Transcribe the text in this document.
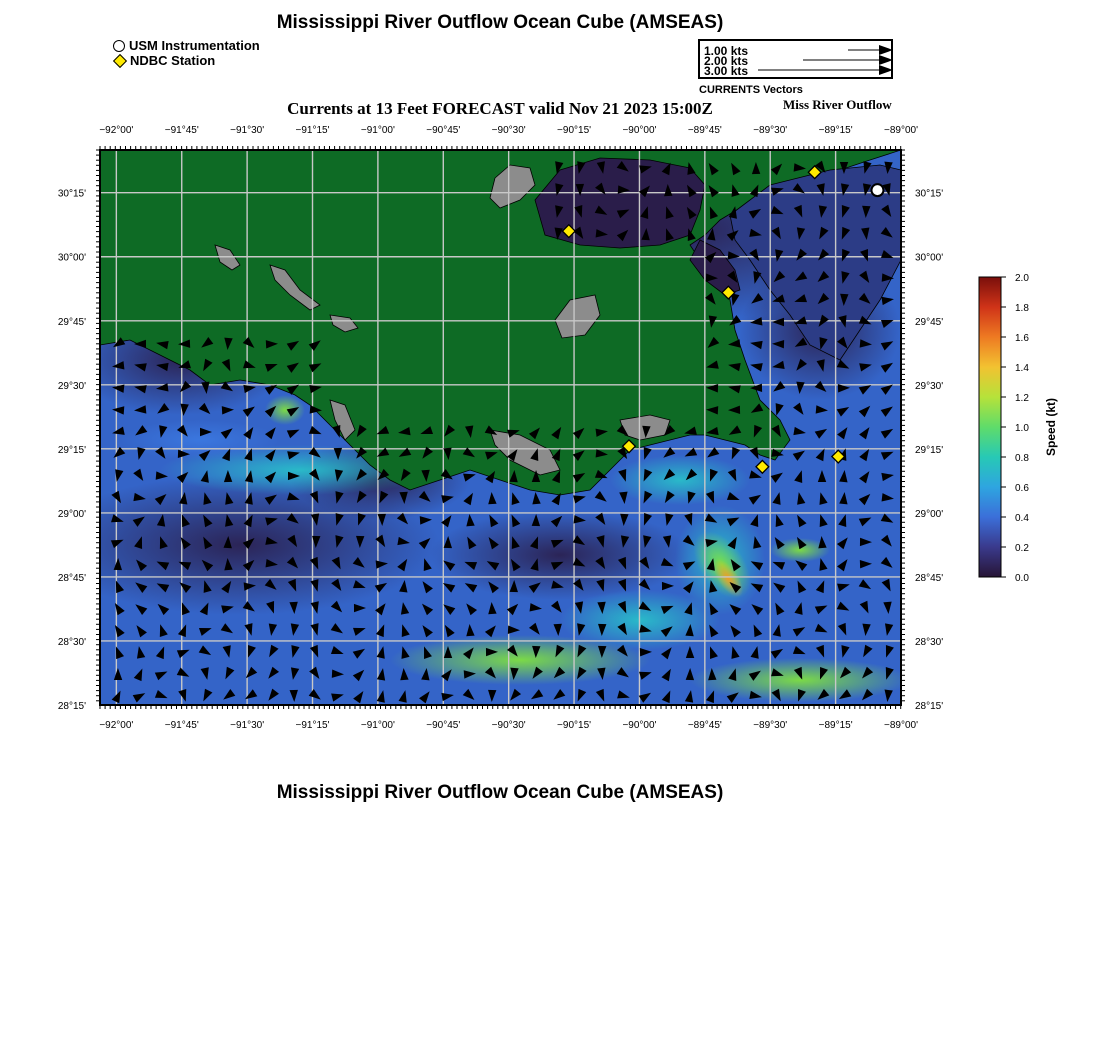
−92°00'	−91°45'	−91°30'	−91°15'	−91°00'	−90°45'	−90°30'	−90°15'	−90°00'	−89°45'	−89°30'	−89°15'	−89°00'
−92°00'	−91°45'	−91°30'	−91°15'	−91°00'	−90°45'	−90°30'	−90°15'	−90°00'	−89°45'	−89°30'	−89°15'	−89°00'
30°15'
30°00'
29°45'
29°30'
29°15'
29°00'
28°45'
28°30'
28°15'
30°15'
30°00'
29°45'
29°30'
29°15'
29°00'
28°45'
28°30'
28°15'
0.0
0.2
0.4
0.6
0.8
1.0
1.2
1.4
1.6
1.8
2.0
Speed (kt)
Mississippi River Outflow Ocean Cube (AMSEAS)
USM Instrumentation
NDBC Station
1.00 kts
2.00 kts
3.00 kts
CURRENTS Vectors
Currents at 13 Feet FORECAST valid Nov 21 2023 15:00Z	Miss River Outflow
Mississippi River Outflow Ocean Cube (AMSEAS)
